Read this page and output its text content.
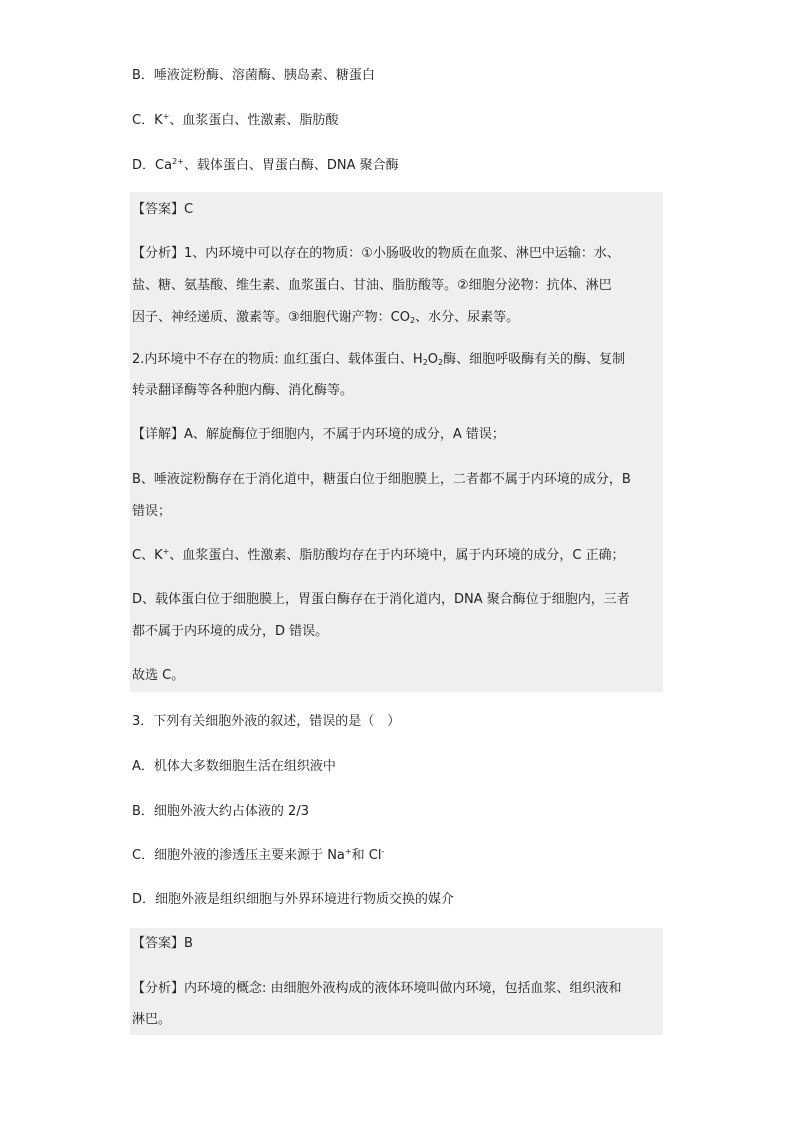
B．唾液淀粉酶、溶菌酶、胰岛素、糖蛋白
C．K+、血浆蛋白、性激素、脂肪酸
D．$Ca^{2+}$、载体蛋白、胃蛋白酶、DNA 聚合酶
【答案】C
【分析】1、内环境中可以存在的物质：①小肠吸收的物质在血浆、淋巴中运输：水、
盐、糖、氨基酸、维生素、血浆蛋白、甘油、脂肪酸等。②细胞分泌物：抗体、淋巴
因子、神经递质、激素等。③细胞代谢产物：$CO_2$、水分、尿素等。
2.内环境中不存在的物质: 血红蛋白、载体蛋白、$H_2O_2$酶、细胞呼吸酶有关的酶、复制
转录翻译酶等各种胞内酶、消化酶等。
【详解】A、解旋酶位于细胞内，不属于内环境的成分，A 错误；
B、唾液淀粉酶存在于消化道中，糖蛋白位于细胞膜上，二者都不属于内环境的成分，B
错误；
C、K+、血浆蛋白、性激素、脂肪酸均存在于内环境中，属于内环境的成分，C 正确；
D、载体蛋白位于细胞膜上，胃蛋白酶存在于消化道内，DNA 聚合酶位于细胞内，三者
都不属于内环境的成分，D 错误。
故选 C。
3．下列有关细胞外液的叙述，错误的是（　）
A．机体大多数细胞生活在组织液中
B．细胞外液大约占体液的 2/3
C．细胞外液的渗透压主要来源于 Na+和 Cl-
D．细胞外液是组织细胞与外界环境进行物质交换的媒介
【答案】B
【分析】内环境的概念: 由细胞外液构成的液体环境叫做内环境，包括血浆、组织液和
淋巴。
